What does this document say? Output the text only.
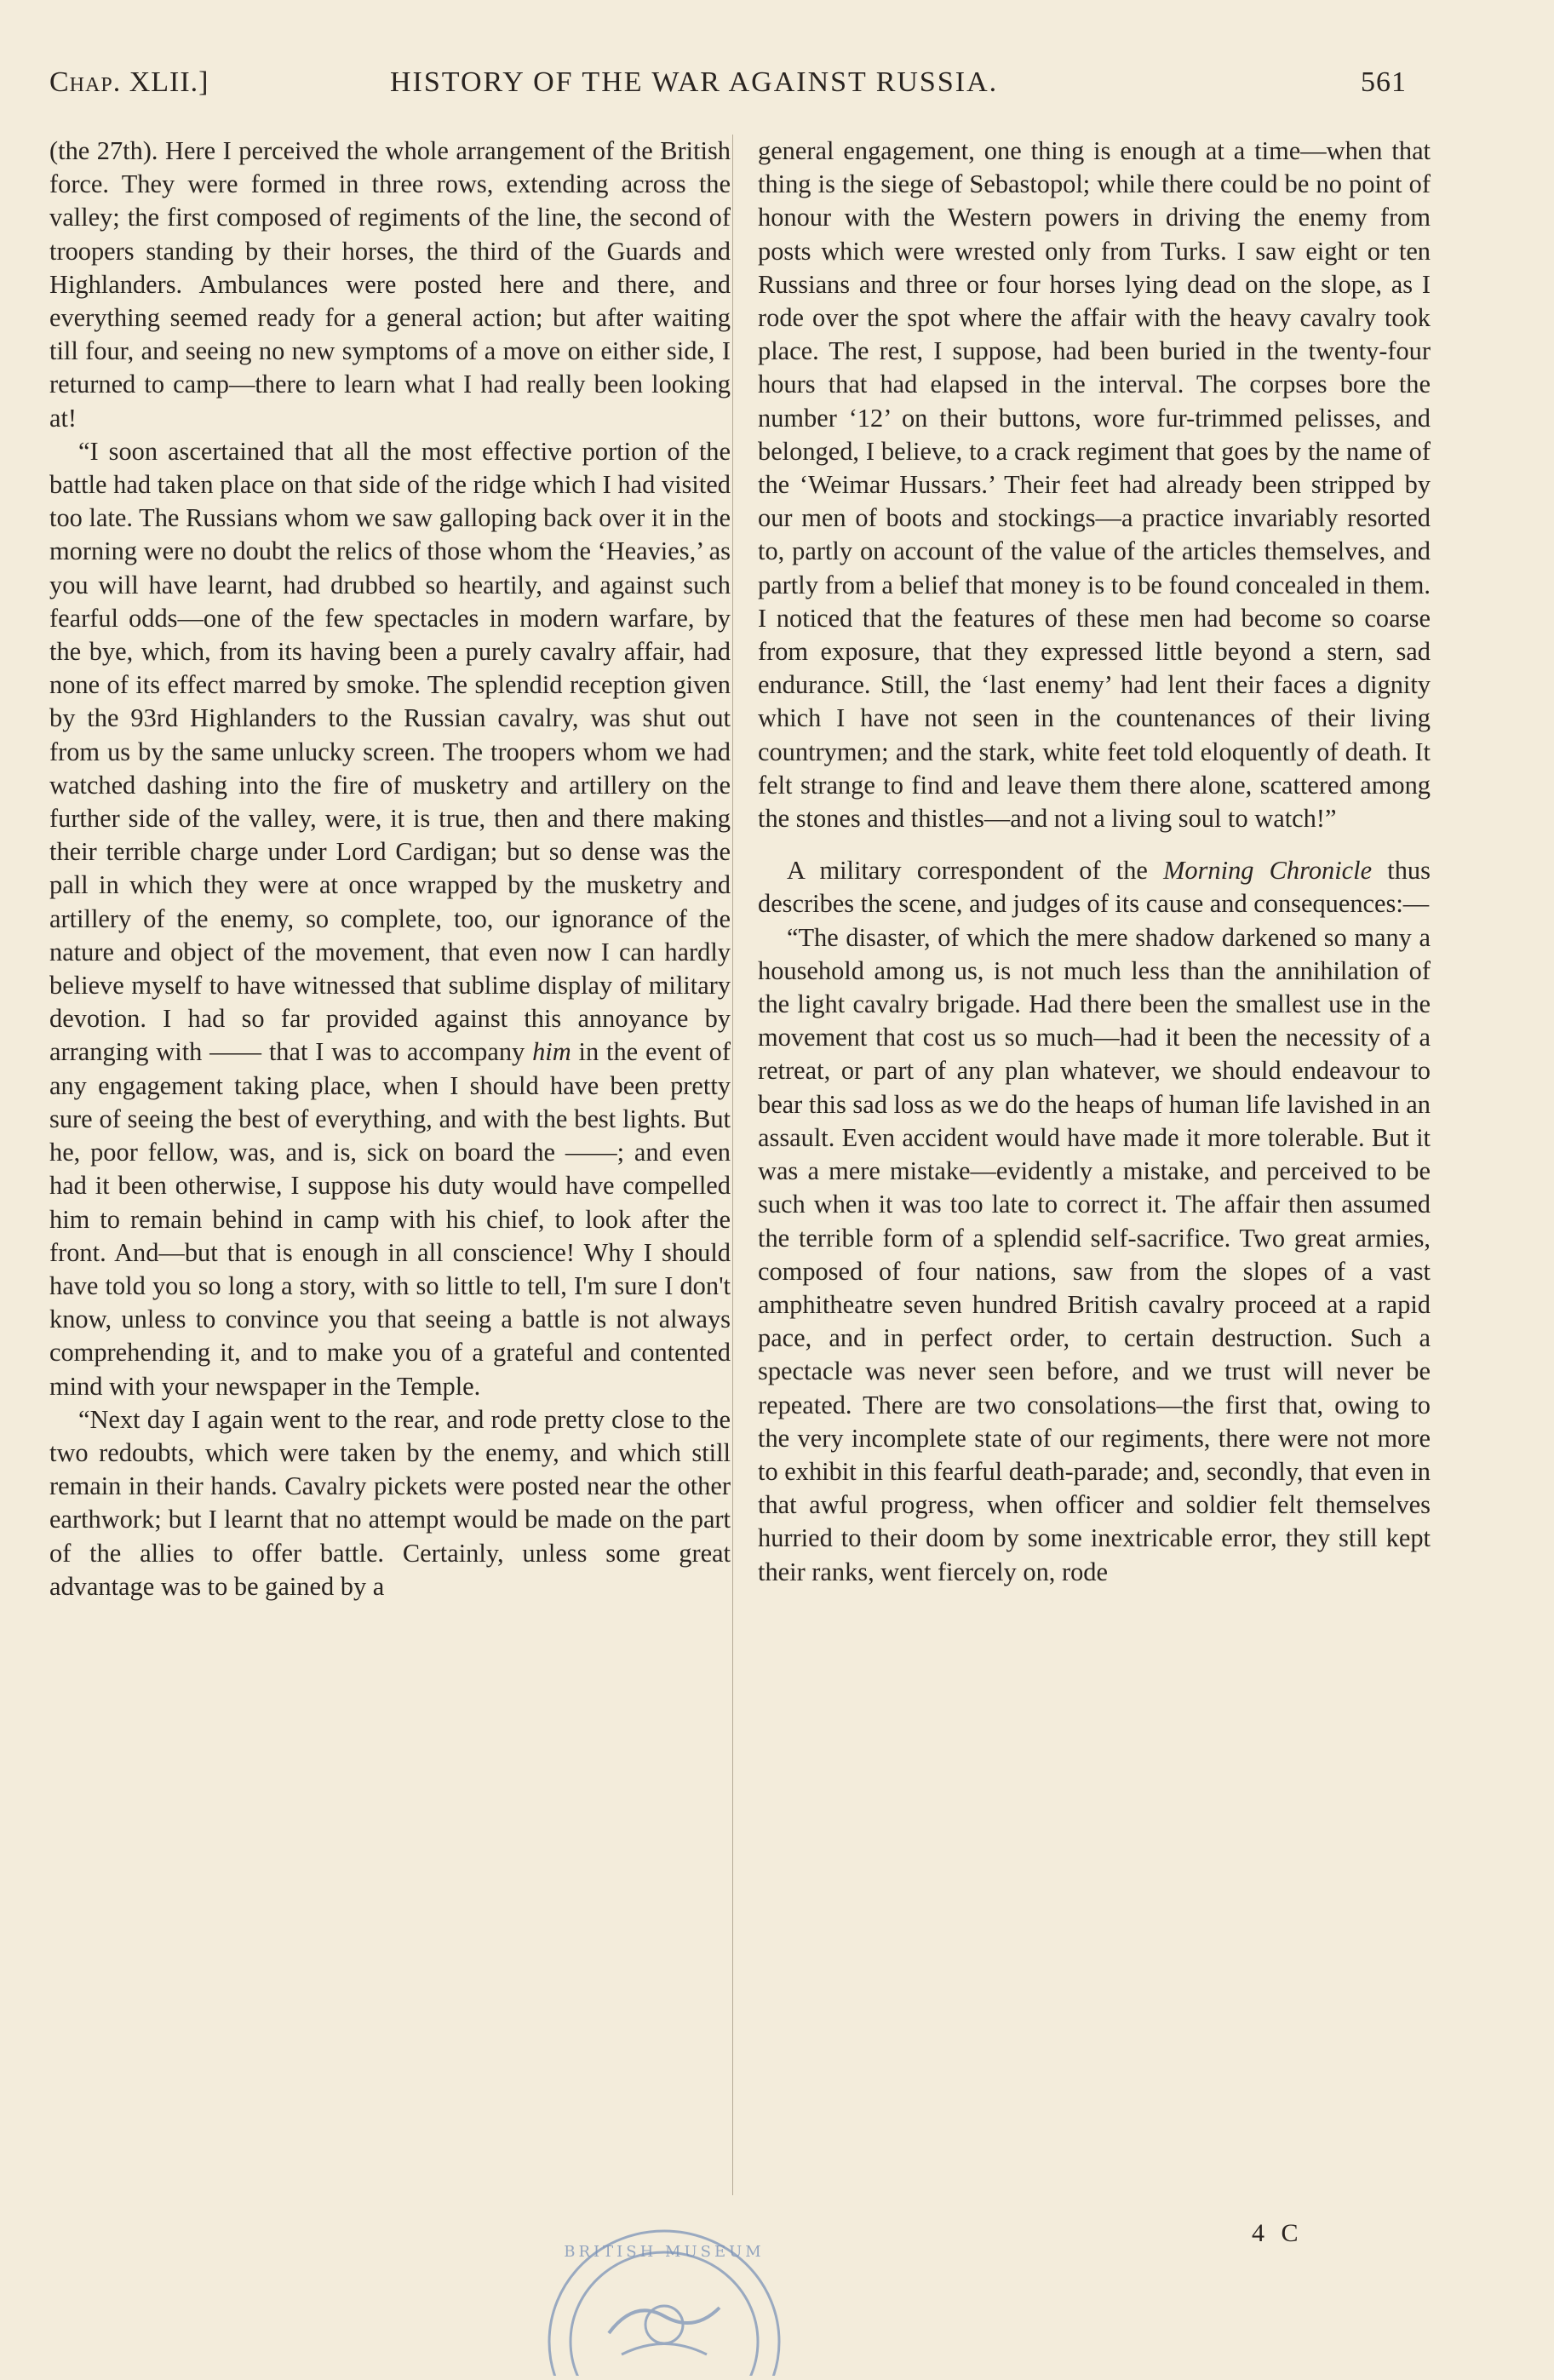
Chap. XLII.]	HISTORY OF THE WAR AGAINST RUSSIA.	561

(the 27th). Here I perceived the whole arrangement of the British force. They were formed in three rows, extending across the valley; the first composed of regiments of the line, the second of troopers standing by their horses, the third of the Guards and Highlanders. Ambulances were posted here and there, and everything seemed ready for a general action; but after waiting till four, and seeing no new symptoms of a move on either side, I returned to camp—there to learn what I had really been looking at!

“I soon ascertained that all the most effective portion of the battle had taken place on that side of the ridge which I had visited too late. The Russians whom we saw galloping back over it in the morning were no doubt the relics of those whom the ‘Heavies,’ as you will have learnt, had drubbed so heartily, and against such fearful odds—one of the few spectacles in modern warfare, by the bye, which, from its having been a purely cavalry affair, had none of its effect marred by smoke. The splendid reception given by the 93rd Highlanders to the Russian cavalry, was shut out from us by the same unlucky screen. The troopers whom we had watched dashing into the fire of musketry and artillery on the further side of the valley, were, it is true, then and there making their terrible charge under Lord Cardigan; but so dense was the pall in which they were at once wrapped by the musketry and artillery of the enemy, so complete, too, our ignorance of the nature and object of the movement, that even now I can hardly believe myself to have witnessed that sublime display of military devotion. I had so far provided against this annoyance by arranging with —— that I was to accompany him in the event of any engagement taking place, when I should have been pretty sure of seeing the best of everything, and with the best lights. But he, poor fellow, was, and is, sick on board the ——; and even had it been otherwise, I suppose his duty would have compelled him to remain behind in camp with his chief, to look after the front. And—but that is enough in all conscience! Why I should have told you so long a story, with so little to tell, I'm sure I don't know, unless to convince you that seeing a battle is not always comprehending it, and to make you of a grateful and contented mind with your newspaper in the Temple.

“Next day I again went to the rear, and rode pretty close to the two redoubts, which were taken by the enemy, and which still remain in their hands. Cavalry pickets were posted near the other earthwork; but I learnt that no attempt would be made on the part of the allies to offer battle. Certainly, unless some great advantage was to be gained by a

general engagement, one thing is enough at a time—when that thing is the siege of Sebastopol; while there could be no point of honour with the Western powers in driving the enemy from posts which were wrested only from Turks. I saw eight or ten Russians and three or four horses lying dead on the slope, as I rode over the spot where the affair with the heavy cavalry took place. The rest, I suppose, had been buried in the twenty-four hours that had elapsed in the interval. The corpses bore the number ‘12’ on their buttons, wore fur-trimmed pelisses, and belonged, I believe, to a crack regiment that goes by the name of the ‘Weimar Hussars.’ Their feet had already been stripped by our men of boots and stockings—a practice invariably resorted to, partly on account of the value of the articles themselves, and partly from a belief that money is to be found concealed in them. I noticed that the features of these men had become so coarse from exposure, that they expressed little beyond a stern, sad endurance. Still, the ‘last enemy’ had lent their faces a dignity which I have not seen in the countenances of their living countrymen; and the stark, white feet told eloquently of death. It felt strange to find and leave them there alone, scattered among the stones and thistles—and not a living soul to watch!”

A military correspondent of the Morning Chronicle thus describes the scene, and judges of its cause and consequences:—

“The disaster, of which the mere shadow darkened so many a household among us, is not much less than the annihilation of the light cavalry brigade. Had there been the smallest use in the movement that cost us so much—had it been the necessity of a retreat, or part of any plan whatever, we should endeavour to bear this sad loss as we do the heaps of human life lavished in an assault. Even accident would have made it more tolerable. But it was a mere mistake—evidently a mistake, and perceived to be such when it was too late to correct it. The affair then assumed the terrible form of a splendid self-sacrifice. Two great armies, composed of four nations, saw from the slopes of a vast amphitheatre seven hundred British cavalry proceed at a rapid pace, and in perfect order, to certain destruction. Such a spectacle was never seen before, and we trust will never be repeated. There are two consolations—the first that, owing to the very incomplete state of our regiments, there were not more to exhibit in this fearful death-parade; and, secondly, that even in that awful progress, when officer and soldier felt themselves hurried to their doom by some inextricable error, they still kept their ranks, went fiercely on, rode

4 C
BRITISH MUSEUM
